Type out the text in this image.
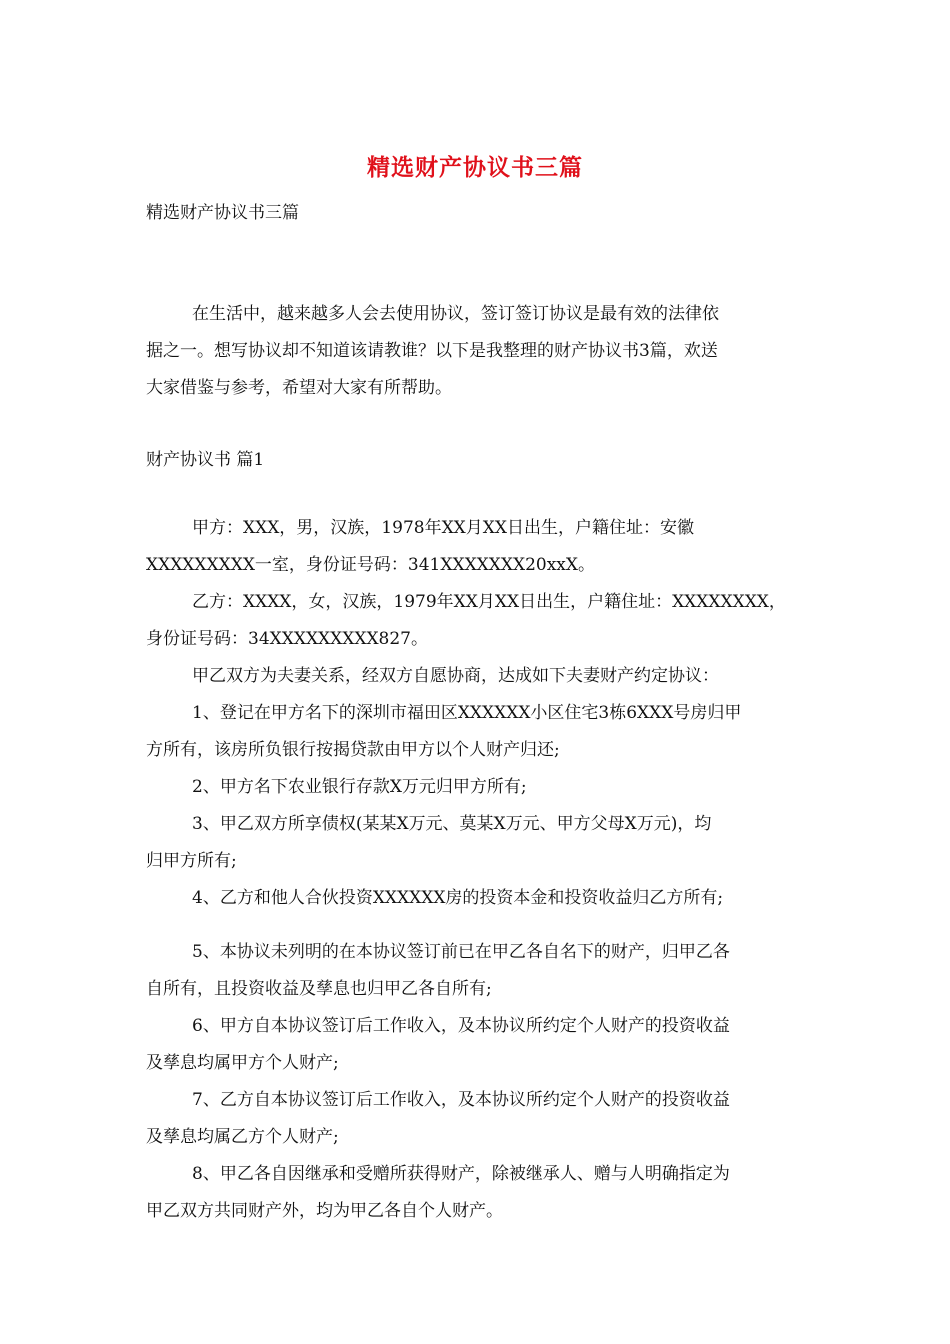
精选财产协议书三篇
精选财产协议书三篇
在生活中，越来越多人会去使用协议，签订签订协议是最有效的法律依
据之一。想写协议却不知道该请教谁？以下是我整理的财产协议书3篇，欢送
大家借鉴与参考，希望对大家有所帮助。
财产协议书 篇1
甲方：XXX，男，汉族，1978年XX月XX日出生，户籍住址：安徽
XXXXXXXXX一室，身份证号码：341XXXXXXX20xxX。
乙方：XXXX，女，汉族，1979年XX月XX日出生，户籍住址：XXXXXXXX，
身份证号码：34XXXXXXXXX827。
甲乙双方为夫妻关系，经双方自愿协商，达成如下夫妻财产约定协议：
1、登记在甲方名下的深圳市福田区XXXXXX小区住宅3栋6XXX号房归甲
方所有，该房所负银行按揭贷款由甲方以个人财产归还;
2、甲方名下农业银行存款X万元归甲方所有;
3、甲乙双方所享债权(某某X万元、莫某X万元、甲方父母X万元)，均
归甲方所有;
4、乙方和他人合伙投资XXXXXX房的投资本金和投资收益归乙方所有;
5、本协议未列明的在本协议签订前已在甲乙各自名下的财产，归甲乙各
自所有，且投资收益及孳息也归甲乙各自所有;
6、甲方自本协议签订后工作收入，及本协议所约定个人财产的投资收益
及孳息均属甲方个人财产;
7、乙方自本协议签订后工作收入，及本协议所约定个人财产的投资收益
及孳息均属乙方个人财产;
8、甲乙各自因继承和受赠所获得财产，除被继承人、赠与人明确指定为
甲乙双方共同财产外，均为甲乙各自个人财产。
